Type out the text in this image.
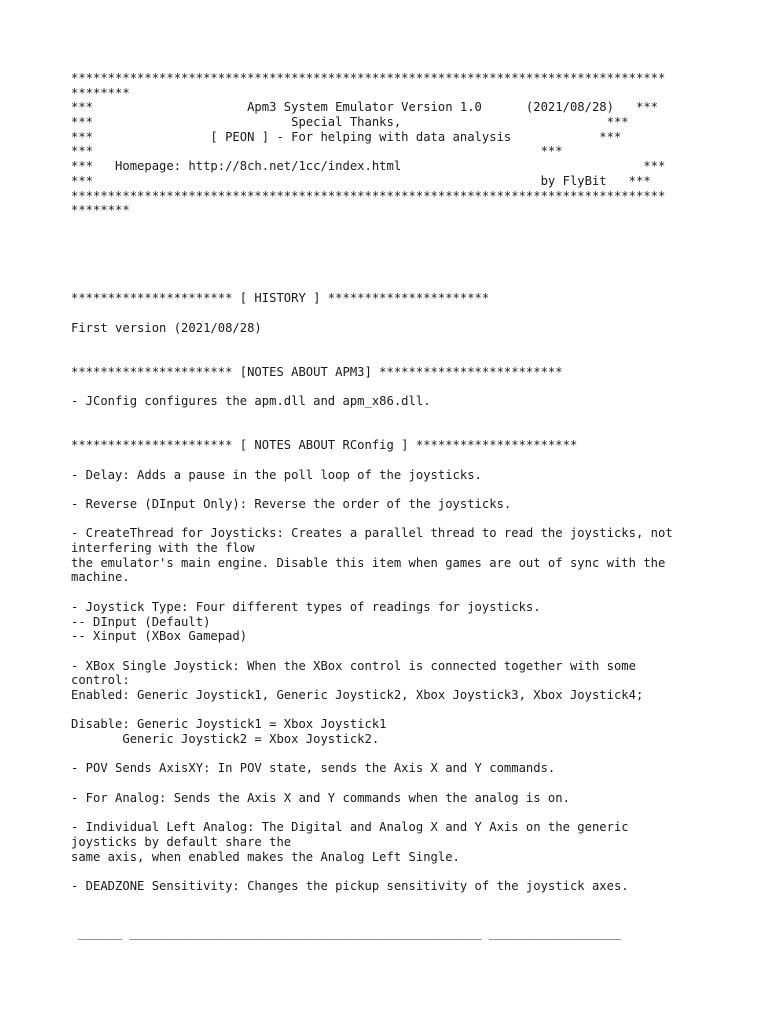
*********************************************************************************
********
***                     Apm3 System Emulator Version 1.0      (2021/08/28)   ***
***                           Special Thanks,                            ***
***                [ PEON ] - For helping with data analysis            ***
***                                                             ***
***   Homepage: http://8ch.net/1cc/index.html                                 ***
***                                                             by FlyBit   ***
*********************************************************************************
********
********************** [ HISTORY ] **********************
First version (2021/08/28)
********************** [NOTES ABOUT APM3] *************************
- JConfig configures the apm.dll and apm_x86.dll.
********************** [ NOTES ABOUT RConfig ] **********************
- Delay: Adds a pause in the poll loop of the joysticks.
- Reverse (DInput Only): Reverse the order of the joysticks.
- CreateThread for Joysticks: Creates a parallel thread to read the joysticks, not
interfering with the flow
the emulator's main engine. Disable this item when games are out of sync with the
machine.
- Joystick Type: Four different types of readings for joysticks.
-- DInput (Default)
-- Xinput (XBox Gamepad)
- XBox Single Joystick: When the XBox control is connected together with some
control:
Enabled: Generic Joystick1, Generic Joystick2, Xbox Joystick3, Xbox Joystick4;
Disable: Generic Joystick1 = Xbox Joystick1
Generic Joystick2 = Xbox Joystick2.
- POV Sends AxisXY: In POV state, sends the Axis X and Y commands.
- For Analog: Sends the Axis X and Y commands when the analog is on.
- Individual Left Analog: The Digital and Analog X and Y Axis on the generic
joysticks by default share the
same axis, when enabled makes the Analog Left Single.
- DEADZONE Sensitivity: Changes the pickup sensitivity of the joystick axes.
______ ________________________________________________ __________________
